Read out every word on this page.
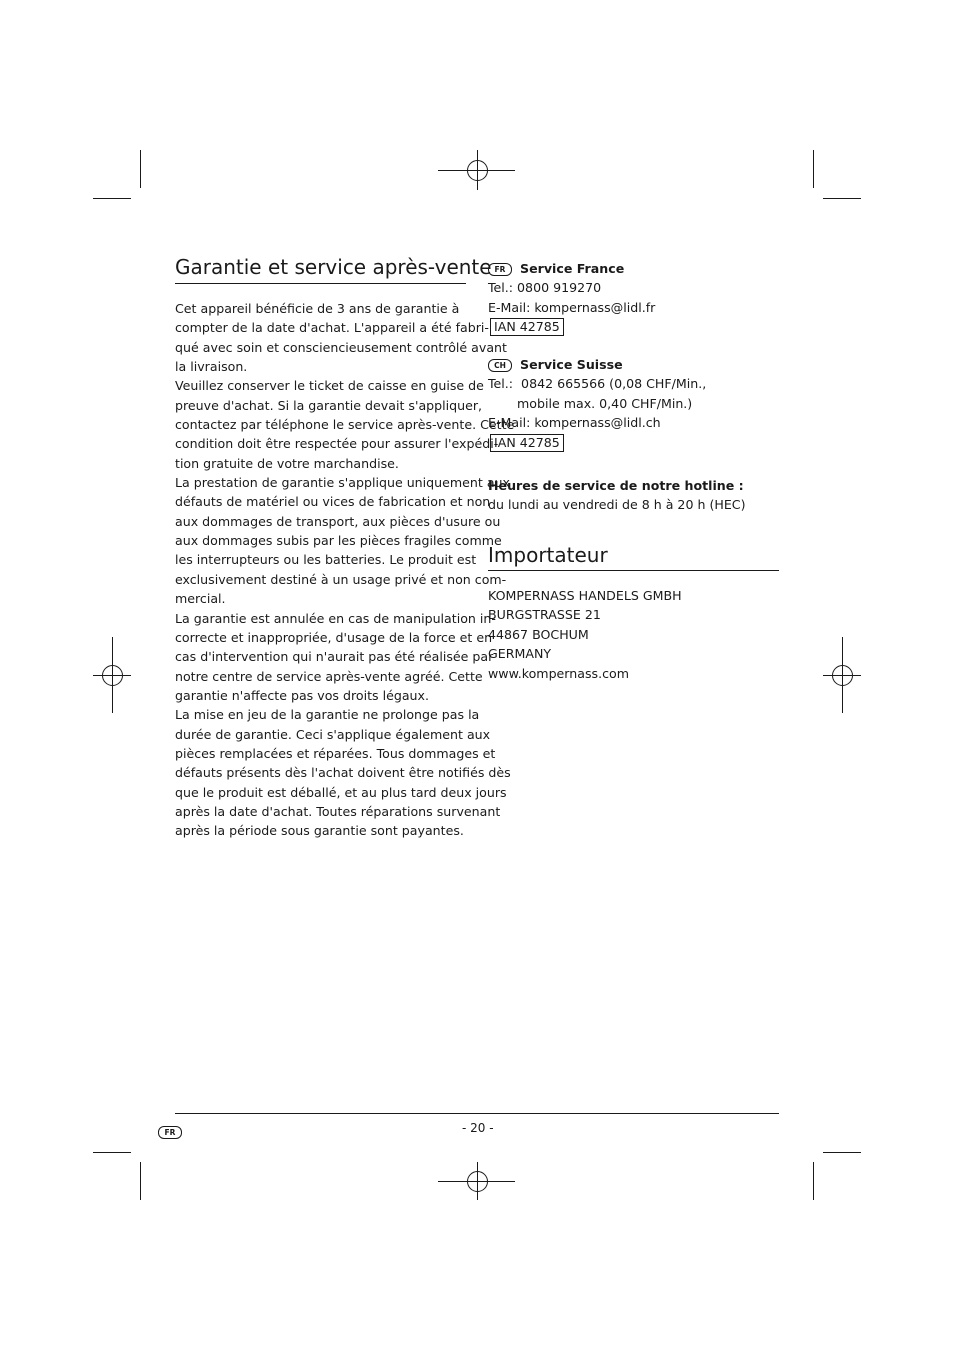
Garantie et service après-vente

Cet appareil bénéficie de 3 ans de garantie à
compter de la date d'achat. L'appareil a été fabri-
qué avec soin et consciencieusement contrôlé avant
la livraison.

Veuillez conserver le ticket de caisse en guise de
preuve d'achat. Si la garantie devait s'appliquer,
contactez par téléphone le service après-vente. Cette
condition doit être respectée pour assurer l'expédi-
tion gratuite de votre marchandise.

La prestation de garantie s'applique uniquement aux
défauts de matériel ou vices de fabrication et non
aux dommages de transport, aux pièces d'usure ou
aux dommages subis par les pièces fragiles comme
les interrupteurs ou les batteries. Le produit est
exclusivement destiné à un usage privé et non com-
mercial.

La garantie est annulée en cas de manipulation in-
correcte et inappropriée, d'usage de la force et en
cas d'intervention qui n'aurait pas été réalisée par
notre centre de service après-vente agréé. Cette
garantie n'affecte pas vos droits légaux.

La mise en jeu de la garantie ne prolonge pas la
durée de garantie. Ceci s'applique également aux
pièces remplacées et réparées. Tous dommages et
défauts présents dès l'achat doivent être notifiés dès
que le produit est déballé, et au plus tard deux jours
après la date d'achat. Toutes réparations survenant
après la période sous garantie sont payantes.

FR Service France
Tel.: 0800 919270
E-Mail: kompernass@lidl.fr
IAN 42785
CH Service Suisse
Tel.:  0842 665566 (0,08 CHF/Min.,
mobile max. 0,40 CHF/Min.)
E-Mail: kompernass@lidl.ch
IAN 42785
Heures de service de notre hotline :
du lundi au vendredi de 8 h à 20 h (HEC)
Importateur
KOMPERNASS HANDELS GMBH
BURGSTRASSE 21
44867 BOCHUM
GERMANY
www.kompernass.com
FR	- 20 -
